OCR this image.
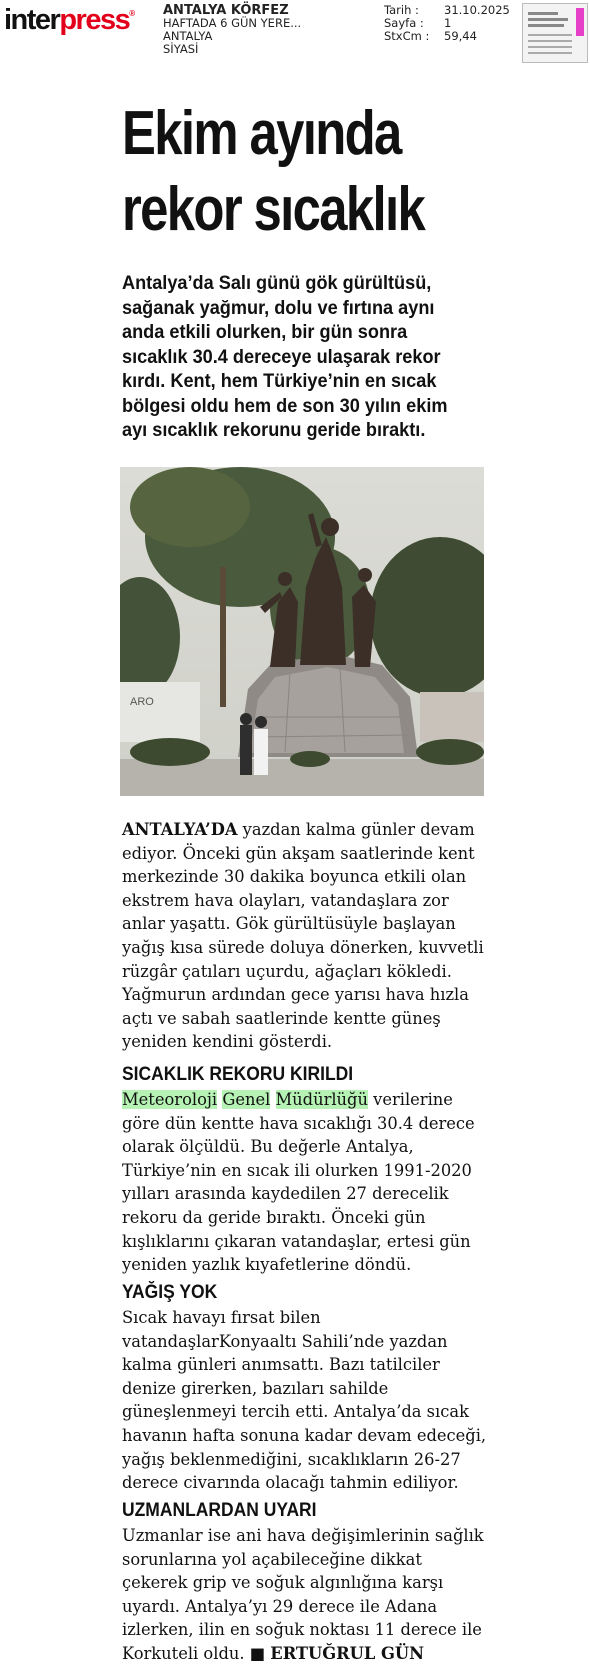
interpress® ANTALYA KÖRFEZ
HAFTADA 6 GÜN YERE...
ANTALYA
SİYASİ
Tarih :	31.10.2025
Sayfa :	1
StxCm :	59,44
Ekim ayında
rekor sıcaklık

Antalya’da Salı günü gök gürültüsü, sağanak yağmur, dolu ve fırtına aynı anda etkili olurken, bir gün sonra sıcaklık 30.4 dereceye ulaşarak rekor kırdı. Kent, hem Türkiye’nin en sıcak bölgesi oldu hem de son 30 yılın ekim ayı sıcaklık rekorunu geride bıraktı.

ARO

ANTALYA’DA yazdan kalma günler devam ediyor. Önceki gün akşam saatlerinde kent merkezinde 30 dakika boyunca etkili olan ekstrem hava olayları, vatandaşlara zor anlar yaşattı. Gök gürültüsüyle başlayan yağış kısa sürede doluya dönerken, kuvvetli rüzgâr çatıları uçurdu, ağaçları kökledi. Yağmurun ardından gece yarısı hava hızla açtı ve sabah saatlerinde kentte güneş yeniden kendini gösterdi.

SICAKLIK REKORU KIRILDI

Meteoroloji Genel Müdürlüğü verilerine göre dün kentte hava sıcaklığı 30.4 derece olarak ölçüldü. Bu değerle Antalya, Türkiye’nin en sıcak ili olurken 1991-2020 yılları arasında kaydedilen 27 derecelik rekoru da geride bıraktı. Önceki gün kışlıklarını çıkaran vatandaşlar, ertesi gün yeniden yazlık kıyafetlerine döndü.

YAĞIŞ YOK

Sıcak havayı fırsat bilen vatandaşlarKonyaaltı Sahili’nde yazdan kalma günleri anımsattı. Bazı tatilciler denize girerken, bazıları sahilde güneşlenmeyi tercih etti. Antalya’da sıcak havanın hafta sonuna kadar devam edeceği, yağış beklenmediğini, sıcaklıkların 26-27 derece civarında olacağı tahmin ediliyor.

UZMANLARDAN UYARI

Uzmanlar ise ani hava değişimlerinin sağlık sorunlarına yol açabileceğine dikkat çekerek grip ve soğuk algınlığına karşı uyardı. Antalya’yı 29 derece ile Adana izlerken, ilin en soğuk noktası 11 derece ile Korkuteli oldu. ■ ERTUĞRUL GÜN
